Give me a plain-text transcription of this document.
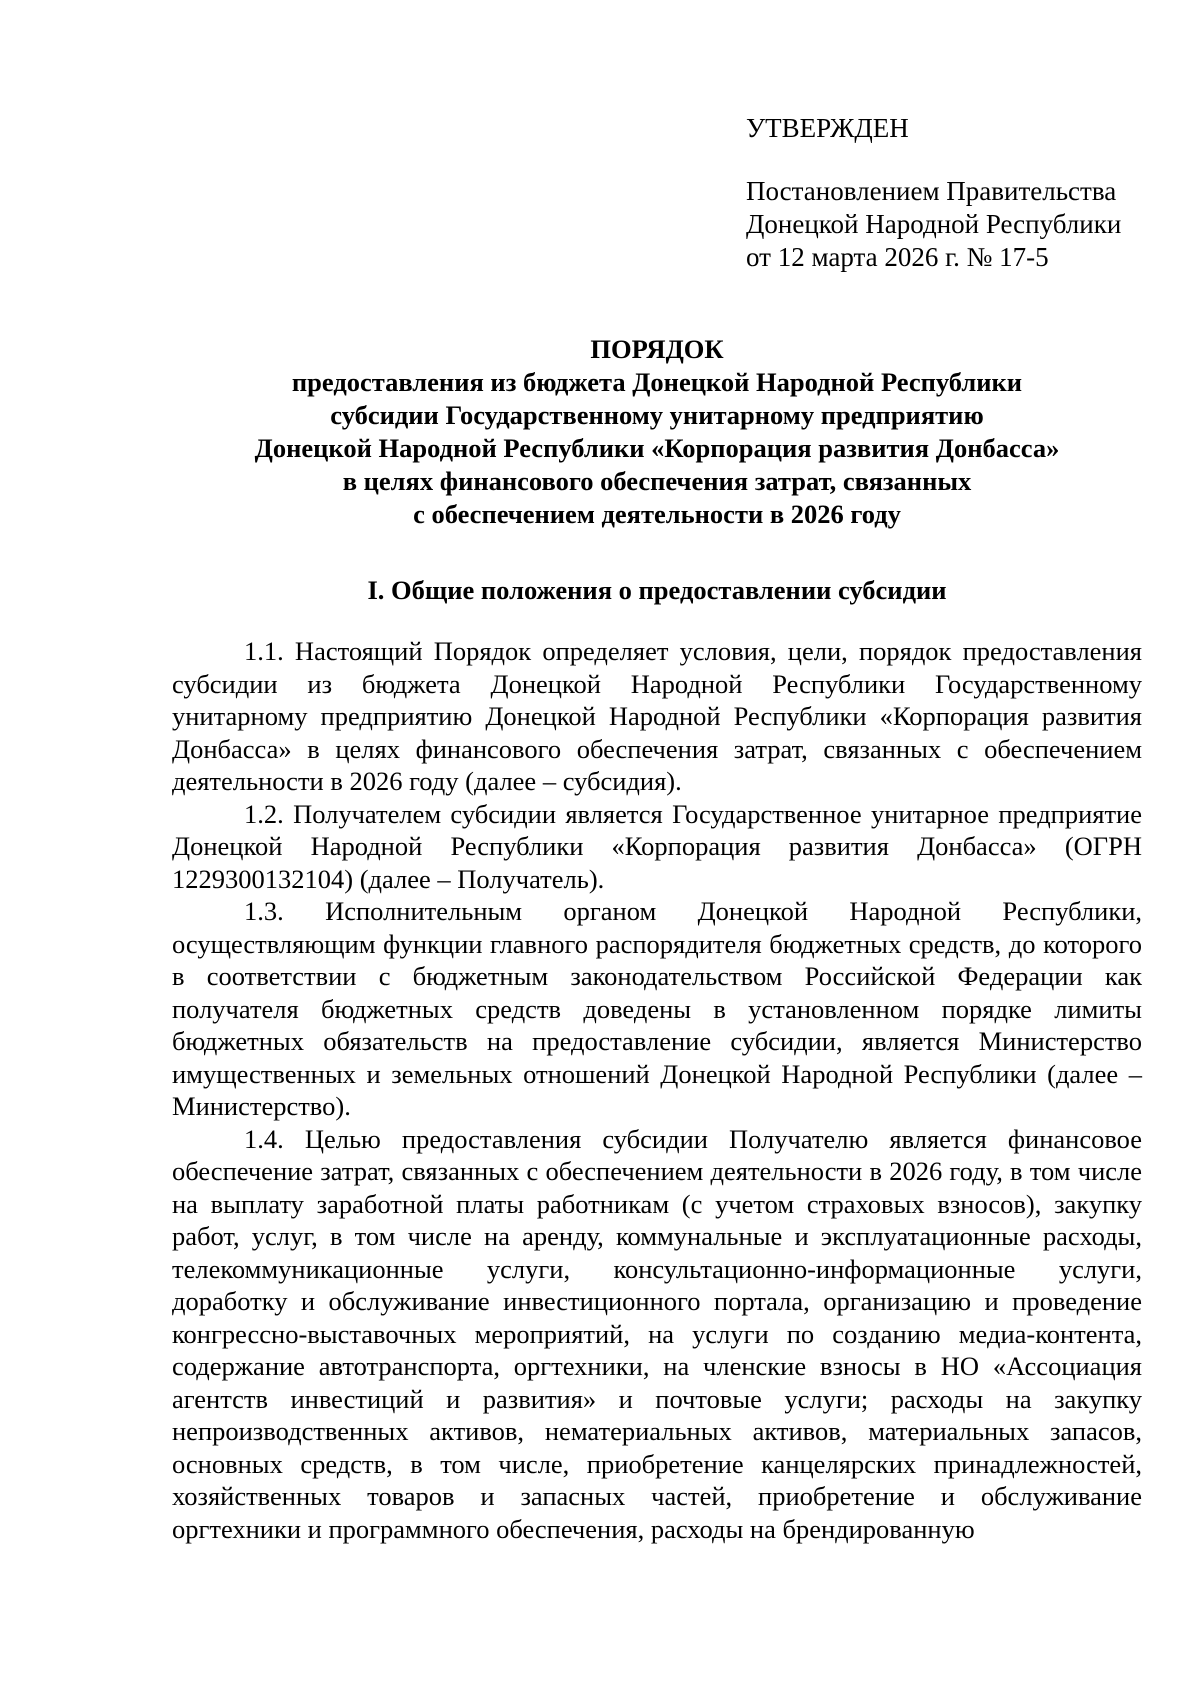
УТВЕРЖДЕН

Постановлением Правительства

Донецкой Народной Республики

от 12 марта 2026 г. № 17-5

ПОРЯДОК

предоставления из бюджета Донецкой Народной Республики

субсидии Государственному унитарному предприятию

Донецкой Народной Республики «Корпорация развития Донбасса»

в целях финансового обеспечения затрат, связанных

с обеспечением деятельности в 2026 году

I. Общие положения о предоставлении субсидии

1.1. Настоящий Порядок определяет условия, цели, порядок предоставления субсидии из бюджета Донецкой Народной Республики Государственному унитарному предприятию Донецкой Народной Республики «Корпорация развития Донбасса» в целях финансового обеспечения затрат, связанных с обеспечением деятельности в 2026 году (далее – субсидия).

1.2. Получателем субсидии является Государственное унитарное предприятие Донецкой Народной Республики «Корпорация развития Донбасса» (ОГРН 1229300132104) (далее – Получатель).

1.3. Исполнительным органом Донецкой Народной Республики, осуществляющим функции главного распорядителя бюджетных средств, до которого в соответствии с бюджетным законодательством Российской Федерации как получателя бюджетных средств доведены в установленном порядке лимиты бюджетных обязательств на предоставление субсидии, является Министерство имущественных и земельных отношений Донецкой Народной Республики (далее – Министерство).

1.4. Целью предоставления субсидии Получателю является финансовое обеспечение затрат, связанных с обеспечением деятельности в 2026 году, в том числе на выплату заработной платы работникам (с учетом страховых взносов), закупку работ, услуг, в том числе на аренду, коммунальные и эксплуатационные расходы, телекоммуникационные услуги, консультационно-информационные услуги, доработку и обслуживание инвестиционного портала, организацию и проведение конгрессно-выставочных мероприятий, на услуги по созданию медиа-контента, содержание автотранспорта, оргтехники, на членские взносы в НО «Ассоциация агентств инвестиций и развития» и почтовые услуги; расходы на закупку непроизводственных активов, нематериальных активов, материальных запасов, основных средств, в том числе, приобретение канцелярских принадлежностей, хозяйственных товаров и запасных частей, приобретение и обслуживание оргтехники и программного обеспечения, расходы на брендированную
